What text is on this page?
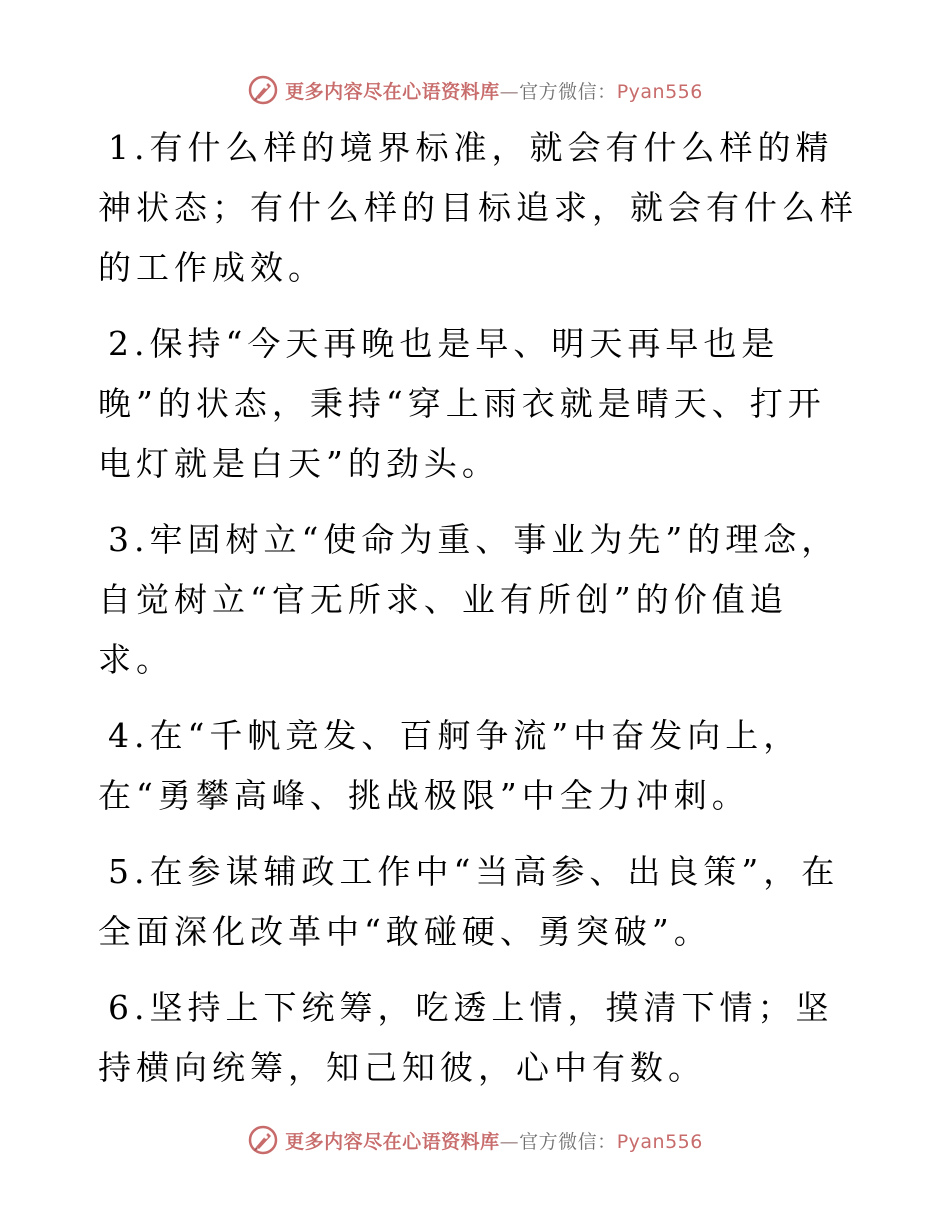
更多内容尽在心语资料库—官方微信：Pyan556

1.有什么样的境界标准，就会有什么样的精神状态；有什么样的目标追求，就会有什么样的工作成效。

2.保持“今天再晚也是早、明天再早也是晚”的状态，秉持“穿上雨衣就是晴天、打开电灯就是白天”的劲头。

3.牢固树立“使命为重、事业为先”的理念，自觉树立“官无所求、业有所创”的价值追求。

4.在“千帆竞发、百舸争流”中奋发向上，在“勇攀高峰、挑战极限”中全力冲刺。

5.在参谋辅政工作中“当高参、出良策”，在全面深化改革中“敢碰硬、勇突破”。

6.坚持上下统筹，吃透上情，摸清下情；坚持横向统筹，知己知彼，心中有数。

更多内容尽在心语资料库—官方微信：Pyan556
